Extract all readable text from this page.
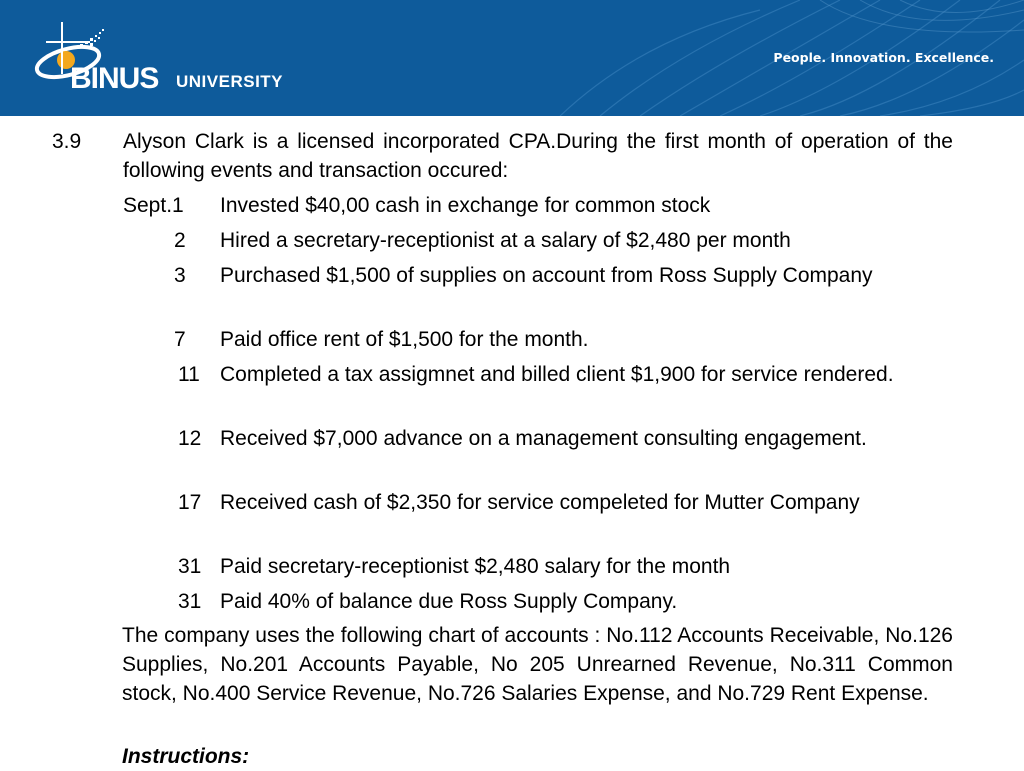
BINUS UNIVERSITY
People. Innovation. Excellence.
3.9 Alyson Clark is a licensed incorporated CPA.During the first month of operation of the following events and transaction occured:
Sept.1 Invested $40,00 cash in exchange for common stock
2 Hired a secretary-receptionist at a salary of $2,480 per month
3	Purchased $1,500 of supplies on account from Ross Supply Company
7 Paid office rent of $1,500 for the month.
11 Completed a tax assigmnet and billed client $1,900 for service rendered.
12 Received $7,000 advance on a management consulting engagement.
17 Received cash of $2,350 for service compeleted for Mutter Company
31 Paid secretary-receptionist $2,480 salary for the month
31 Paid 40% of balance due Ross Supply Company.
The company uses the following chart of accounts : No.112 Accounts Receivable, No.126 Supplies, No.201 Accounts Payable, No 205 Unrearned Revenue, No.311 Common stock, No.400 Service Revenue, No.726 Salaries Expense, and No.729 Rent Expense.
Instructions:
